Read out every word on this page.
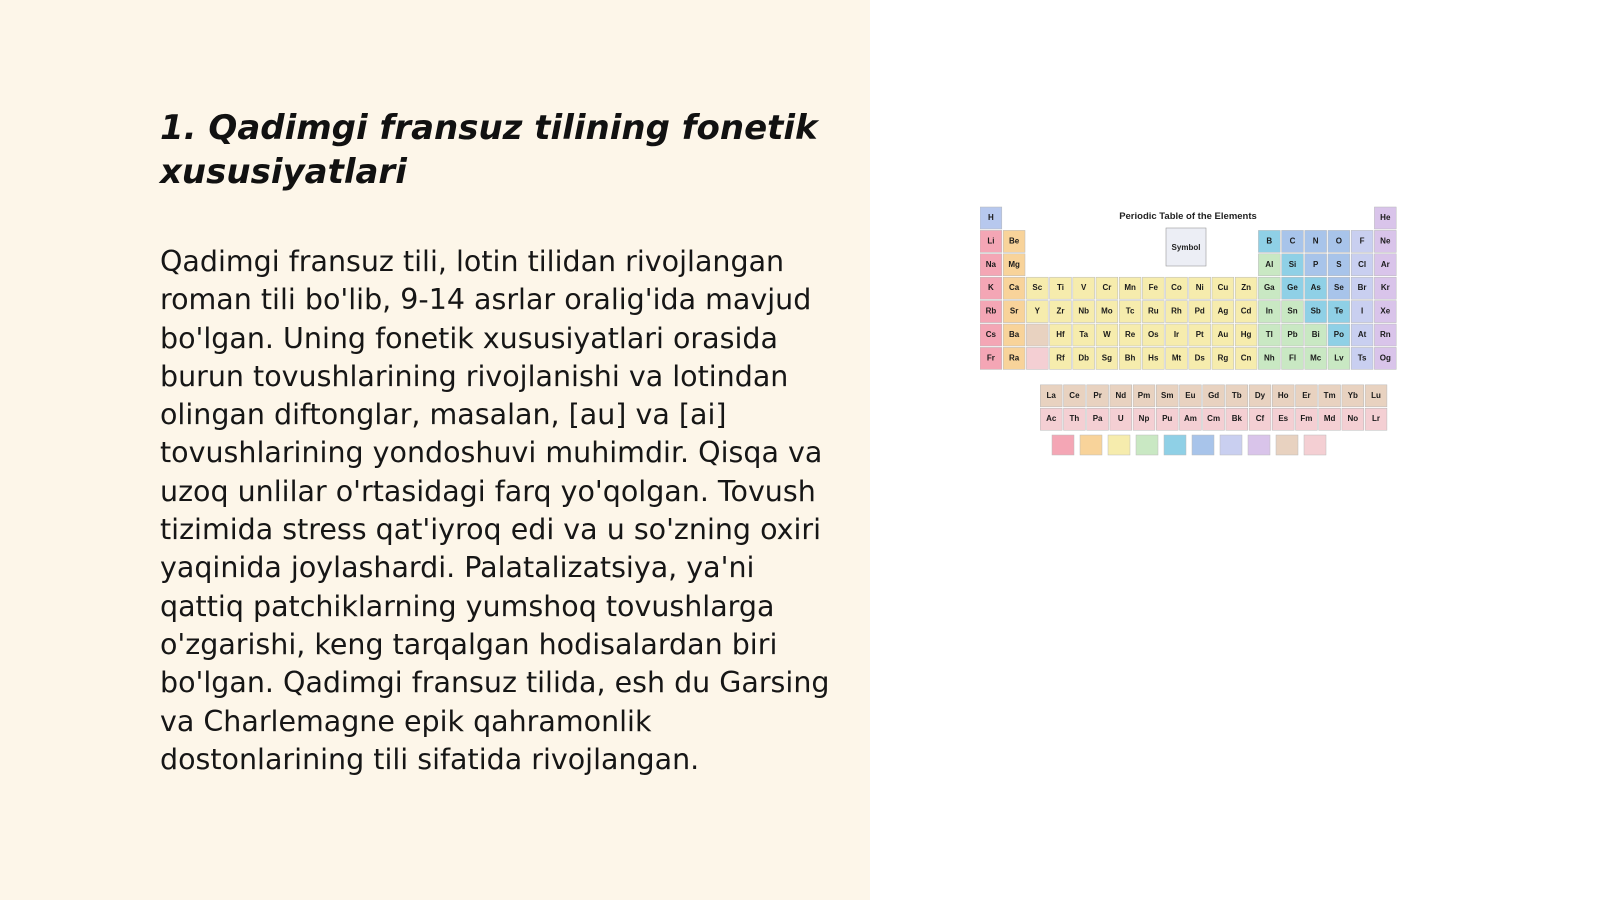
1. Qadimgi fransuz tilining fonetik xususiyatlari

Qadimgi fransuz tili, lotin tilidan rivojlangan roman tili bo'lib, 9-14 asrlar oralig'ida mavjud bo'lgan. Uning fonetik xususiyatlari orasida burun tovushlarining rivojlanishi va lotindan olingan diftonglar, masalan, [au] va [ai] tovushlarining yondoshuvi muhimdir. Qisqa va uzoq unlilar o'rtasidagi farq yo'qolgan. Tovush tizimida stress qat'iyroq edi va u so'zning oxiri yaqinida joylashardi. Palatalizatsiya, ya'ni qattiq patchiklarning yumshoq tovushlarga o'zgarishi, keng tarqalgan hodisalardan biri bo'lgan. Qadimgi fransuz tilida, esh du Garsing va Charlemagne epik qahramonlik dostonlarining tili sifatida rivojlangan.

Periodic Table of the Elements
Symbol
H	He
Li Be	B C N O F Ne
Na Mg	Al Si P S Cl Ar
K Ca Sc Ti V Cr Mn Fe Co Ni Cu Zn Ga Ge As Se Br Kr
Rb Sr Y Zr Nb Mo Tc Ru Rh Pd Ag Cd In Sn Sb Te I Xe
Cs Ba	Hf Ta W Re Os Ir Pt Au Hg Tl Pb Bi Po At Rn
Fr Ra	Rf Db Sg Bh Hs Mt Ds Rg Cn Nh Fl Mc Lv Ts Og
La Ce Pr Nd Pm Sm Eu Gd Tb Dy Ho Er Tm Yb Lu
Ac Th Pa U Np Pu Am Cm Bk Cf Es Fm Md No Lr
